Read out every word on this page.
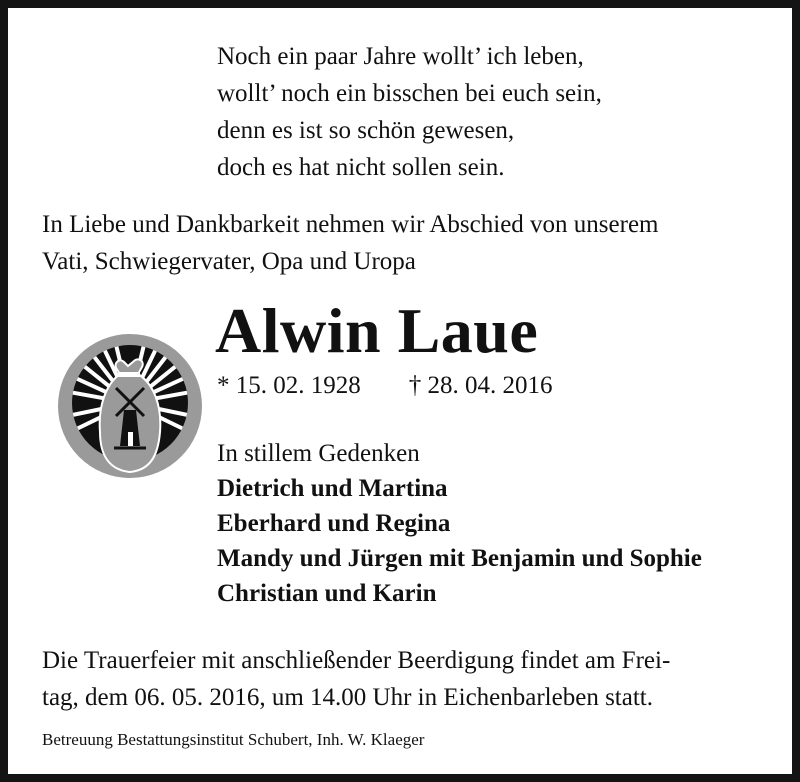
Noch ein paar Jahre wollt’ ich leben,
wollt’ noch ein bisschen bei euch sein,
denn es ist so schön gewesen,
doch es hat nicht sollen sein.
In Liebe und Dankbarkeit nehmen wir Abschied von unserem
Vati, Schwiegervater, Opa und Uropa
Alwin Laue
* 15. 02. 1928 † 28. 04. 2016
In stillem Gedenken
Dietrich und Martina
Eberhard und Regina
Mandy und Jürgen mit Benjamin und Sophie
Christian und Karin
Die Trauerfeier mit anschließender Beerdigung findet am Frei-
tag, dem 06. 05. 2016, um 14.00 Uhr in Eichenbarleben statt.
Betreuung Bestattungsinstitut Schubert, Inh. W. Klaeger
